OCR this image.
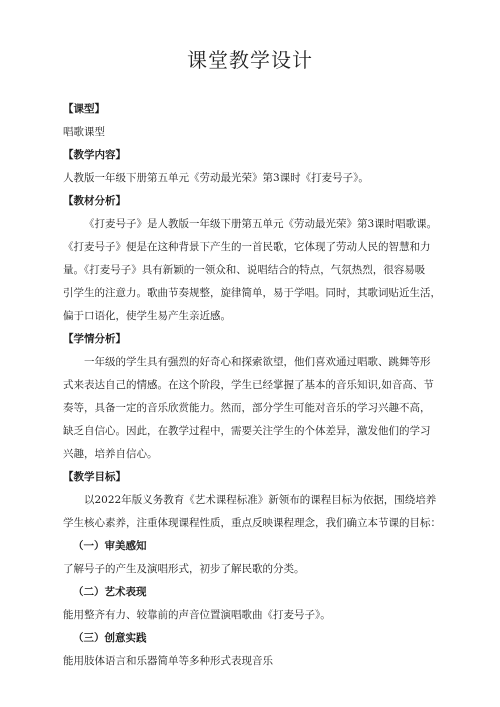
课堂教学设计

【课型】

唱歌课型

【教学内容】

人教版一年级下册第五单元《劳动最光荣》第3课时《打麦号子》。

【教材分析】

《打麦号子》是人教版一年级下册第五单元《劳动最光荣》第3课时唱歌课。

《打麦号子》便是在这种背景下产生的一首民歌，它体现了劳动人民的智慧和力

量。《打麦号子》具有新颖的一领众和、说唱结合的特点，气氛热烈，很容易吸

引学生的注意力。歌曲节奏规整，旋律简单，易于学唱。同时，其歌词贴近生活，

偏于口语化，使学生易产生亲近感。

【学情分析】

一年级的学生具有强烈的好奇心和探索欲望，他们喜欢通过唱歌、跳舞等形

式来表达自己的情感。在这个阶段，学生已经掌握了基本的音乐知识,如音高、节

奏等，具备一定的音乐欣赏能力。然而，部分学生可能对音乐的学习兴趣不高，

缺乏自信心。因此，在教学过程中，需要关注学生的个体差异，激发他们的学习

兴趣，培养自信心。

【教学目标】

以2022年版义务教育《艺术课程标准》新领布的课程目标为依据，围绕培养

学生核心素养，注重体现课程性质，重点反映课程理念，我们确立本节课的目标：

（一）审美感知

了解号子的产生及演唱形式，初步了解民歌的分类。

（二）艺术表现

能用整齐有力、较靠前的声音位置演唱歌曲《打麦号子》。

（三）创意实践

能用肢体语言和乐器简单等多种形式表现音乐
